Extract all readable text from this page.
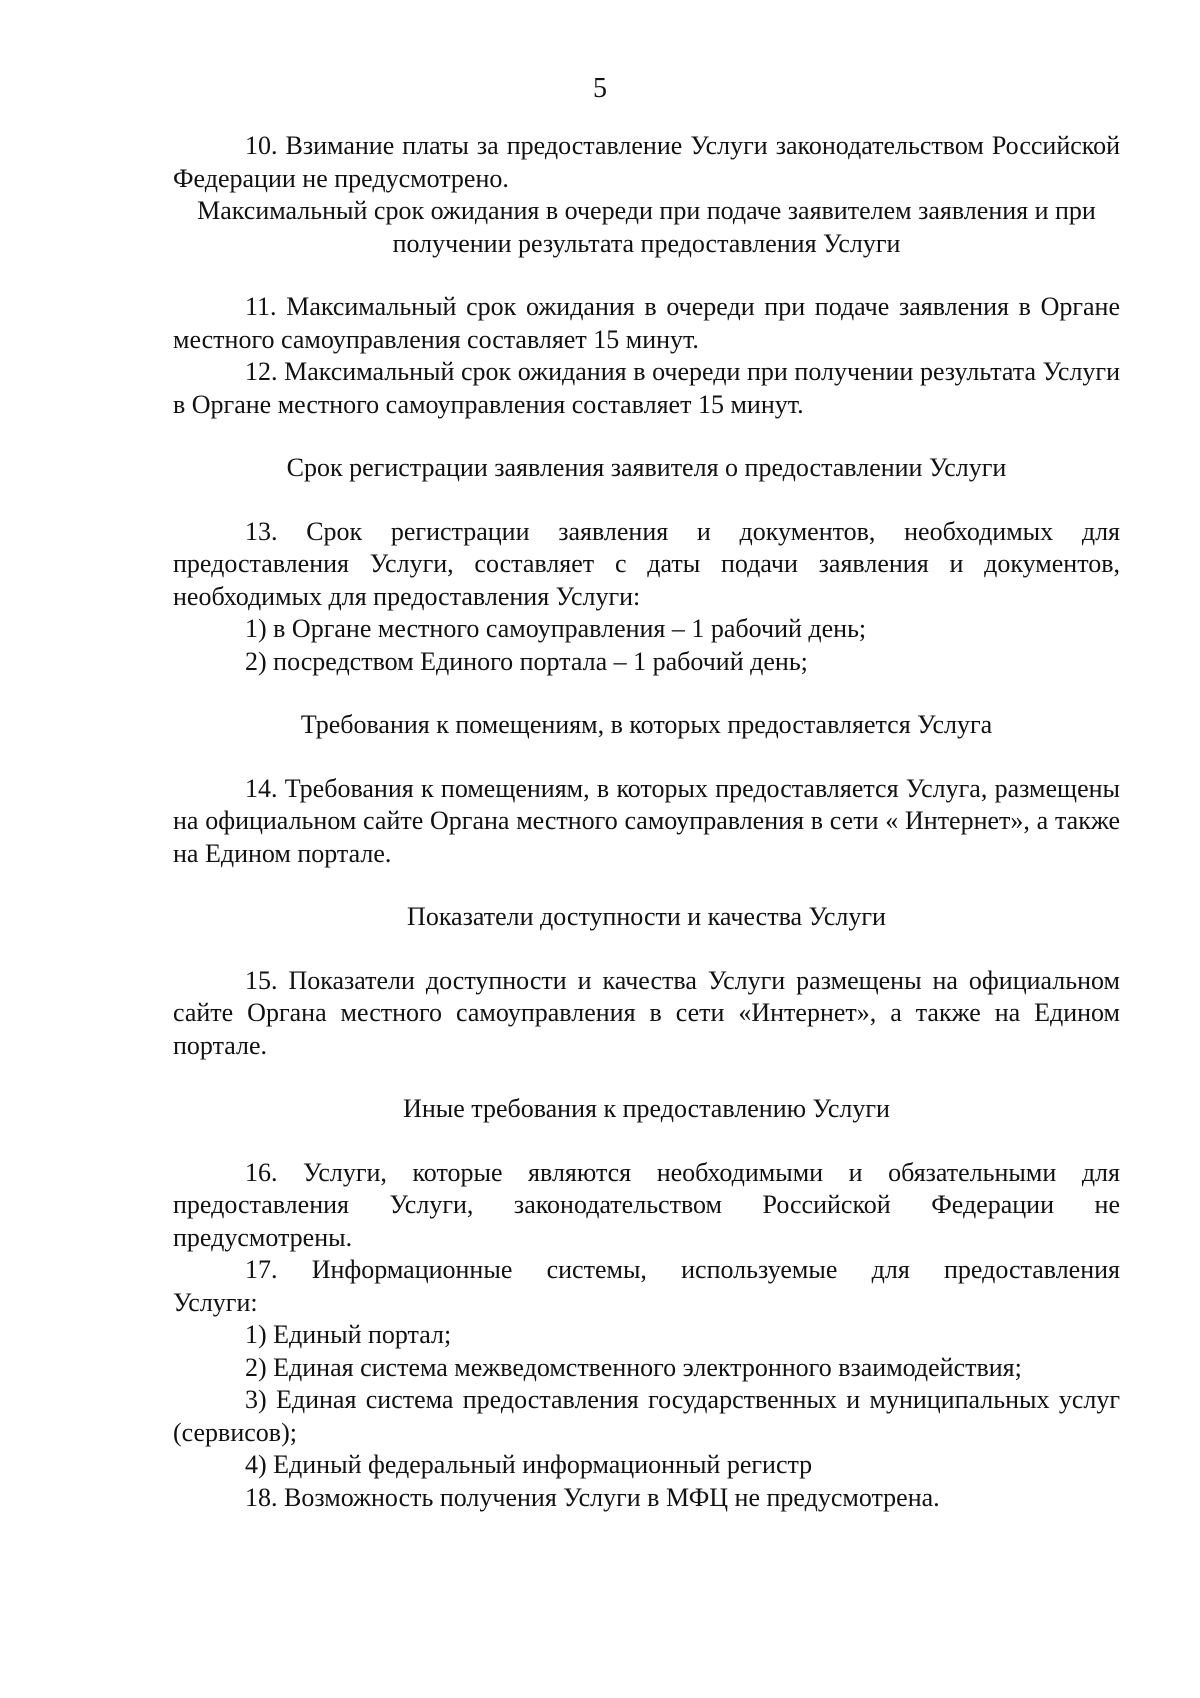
5

10. Взимание платы за предоставление Услуги законодательством Российской Федерации не предусмотрено.

Максимальный срок ожидания в очереди при подаче заявителем заявления и при получении результата предоставления Услуги

11. Максимальный срок ожидания в очереди при подаче заявления в Органе местного самоуправления составляет 15 минут.

12. Максимальный срок ожидания в очереди при получении результата Услуги в Органе местного самоуправления составляет 15 минут.

Срок регистрации заявления заявителя о предоставлении Услуги

13. Срок регистрации заявления и документов, необходимых для предоставления Услуги, составляет с даты подачи заявления и документов, необходимых для предоставления Услуги:

1) в Органе местного самоуправления – 1 рабочий день;

2) посредством Единого портала – 1 рабочий день;

Требования к помещениям, в которых предоставляется Услуга

14. Требования к помещениям, в которых предоставляется Услуга, размещены на официальном сайте Органа местного самоуправления в сети « Интернет», а также на Едином портале.

Показатели доступности и качества Услуги

15. Показатели доступности и качества Услуги размещены на официальном сайте Органа местного самоуправления в сети «Интернет», а также на Едином портале.

Иные требования к предоставлению Услуги

16. Услуги, которые являются необходимыми и обязательными для предоставления Услуги, законодательством Российской Федерации не предусмотрены.

17. Информационные системы, используемые для предоставления Услуги:

1) Единый портал;

2) Единая система межведомственного электронного взаимодействия;

3) Единая система предоставления государственных и муниципальных услуг (сервисов);

4) Единый федеральный информационный регистр

18. Возможность получения Услуги в МФЦ не предусмотрена.
